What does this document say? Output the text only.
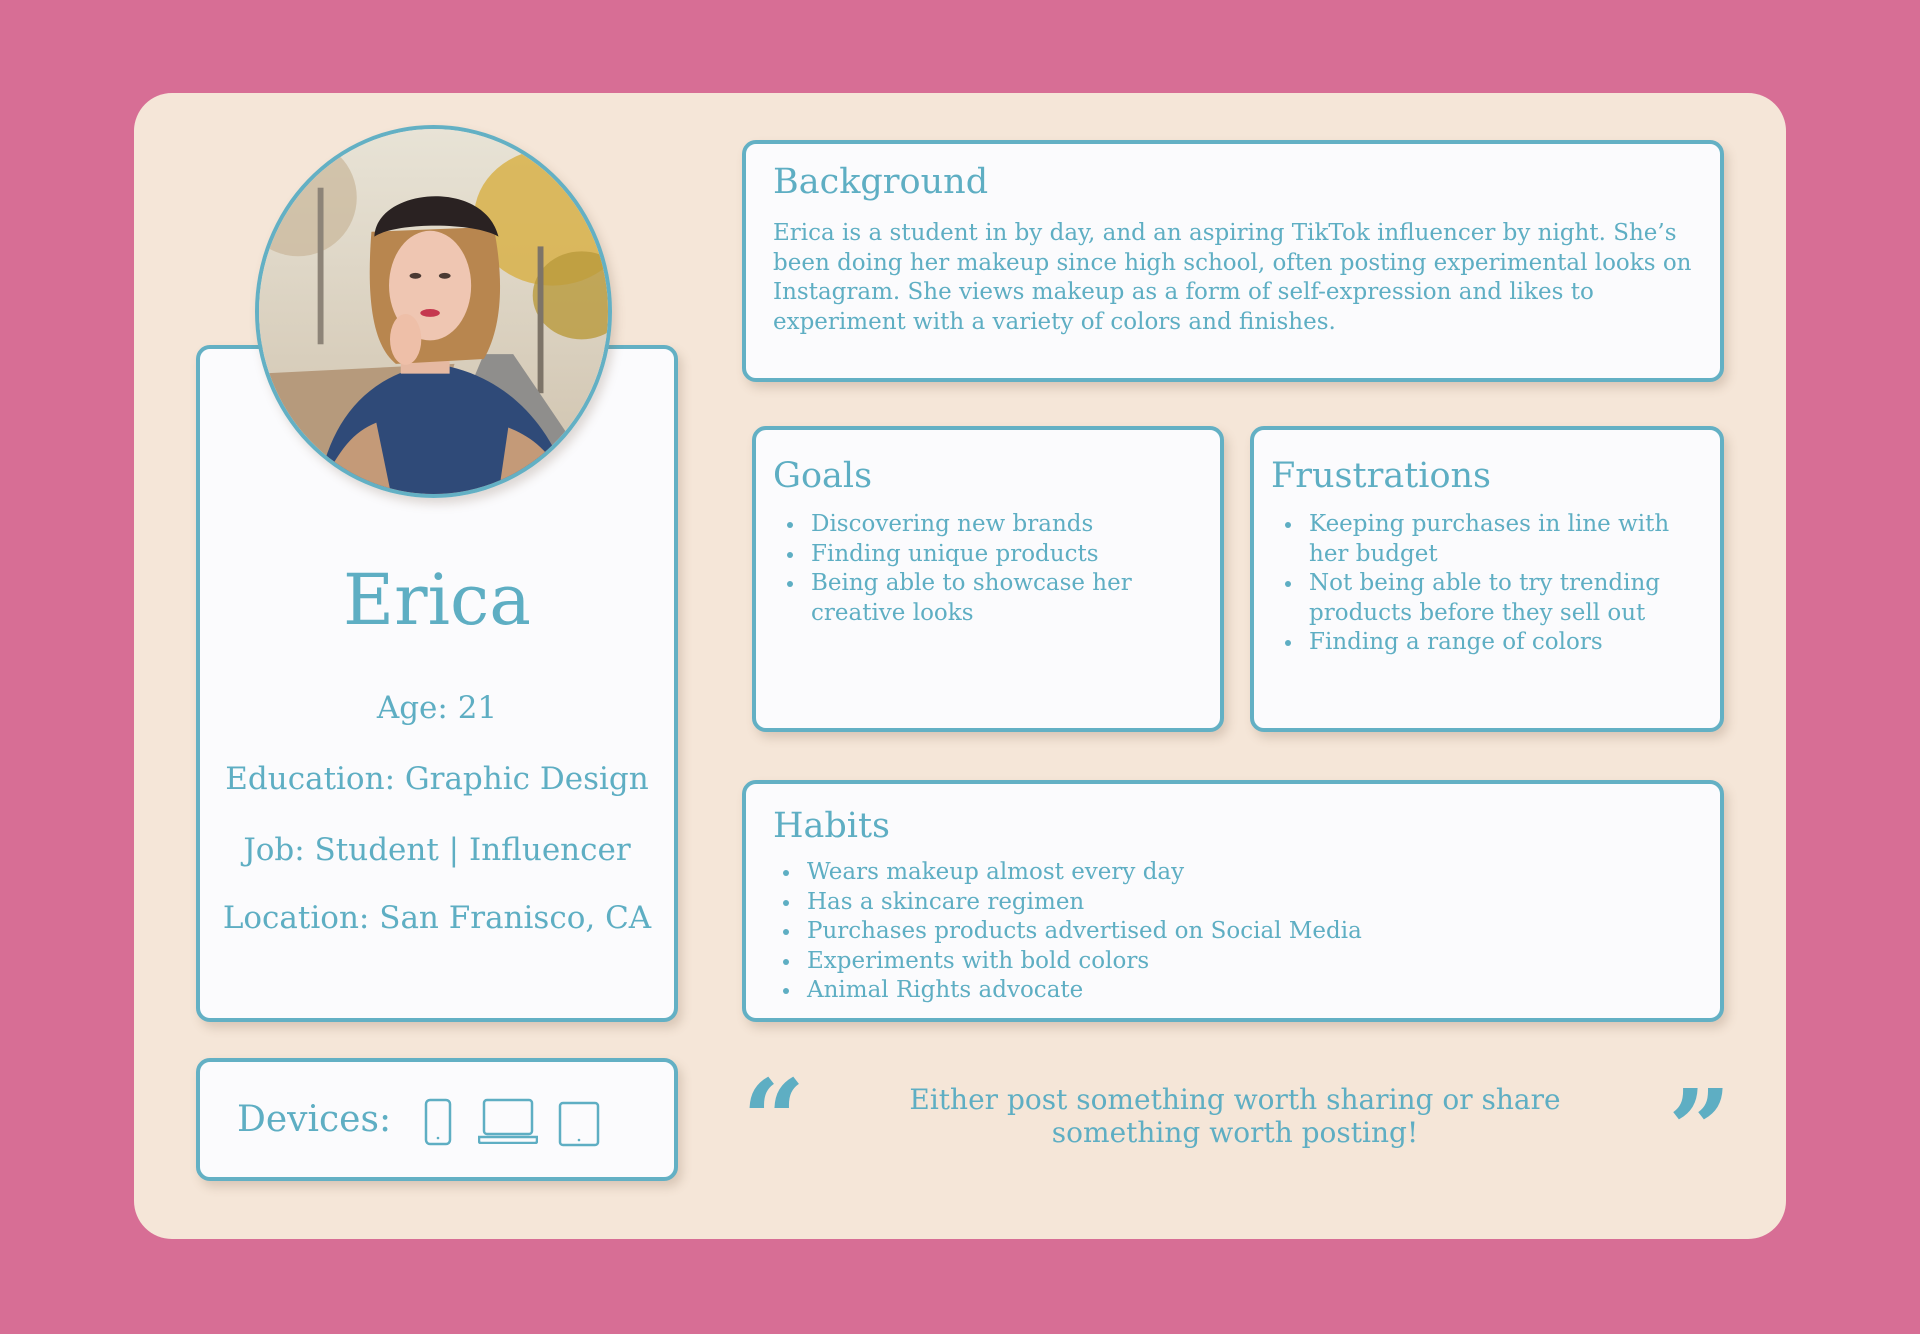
Erica
Age: 21
Education: Graphic Design
Job: Student | Influencer
Location: San Franisco, CA
Devices:
Background

Erica is a student in by day, and an aspiring TikTok influencer by night. She’s been doing her makeup since high school, often posting experimental looks on Instagram. She views makeup as a form of self-expression and likes to experiment with a variety of colors and finishes.

Goals
Discovering new brands
Finding unique products
Being able to showcase her creative looks
Frustrations
Keeping purchases in line with her budget
Not being able to try trending products before they sell out
Finding a range of colors
Habits
Wears makeup almost every day
Has a skincare regimen
Purchases products advertised on Social Media
Experiments with bold colors
Animal Rights advocate
“	Either post something worth sharing or share something worth posting!	”
